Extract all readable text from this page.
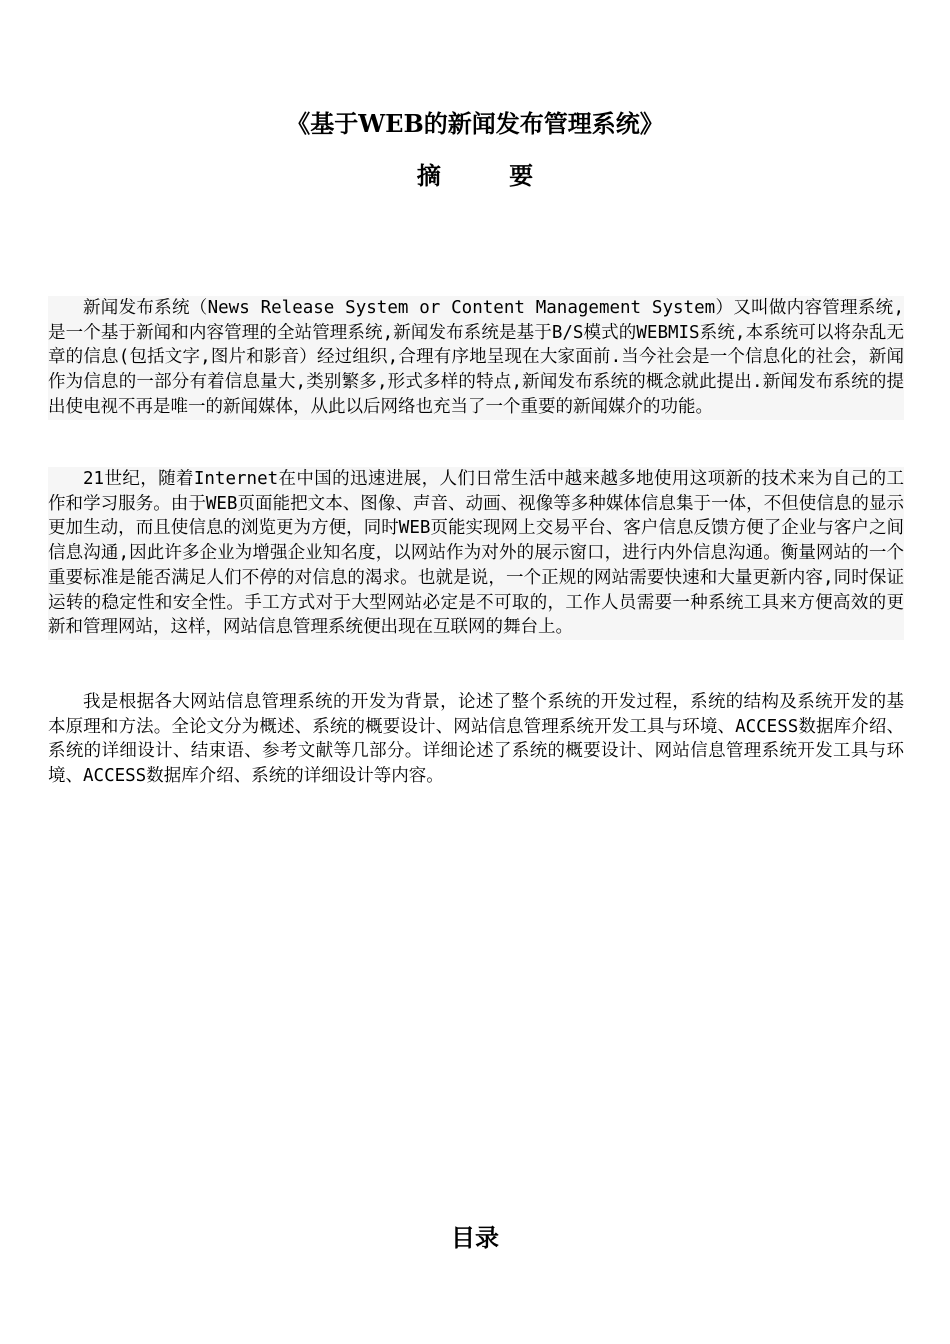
《基于WEB的新闻发布管理系统》
摘 要

新闻发布系统（News Release System or Content Management System）又叫做内容管理系统,是一个基于新闻和内容管理的全站管理系统,新闻发布系统是基于B/S模式的WEBMIS系统,本系统可以将杂乱无章的信息(包括文字,图片和影音）经过组织,合理有序地呈现在大家面前.当今社会是一个信息化的社会，新闻作为信息的一部分有着信息量大,类别繁多,形式多样的特点,新闻发布系统的概念就此提出.新闻发布系统的提出使电视不再是唯一的新闻媒体，从此以后网络也充当了一个重要的新闻媒介的功能。

21世纪，随着Internet在中国的迅速进展，人们日常生活中越来越多地使用这项新的技术来为自己的工作和学习服务。由于WEB页面能把文本、图像、声音、动画、视像等多种媒体信息集于一体，不但使信息的显示更加生动，而且使信息的浏览更为方便，同时WEB页能实现网上交易平台、客户信息反馈方便了企业与客户之间信息沟通,因此许多企业为增强企业知名度，以网站作为对外的展示窗口，进行内外信息沟通。衡量网站的一个重要标准是能否满足人们不停的对信息的渴求。也就是说，一个正规的网站需要快速和大量更新内容,同时保证运转的稳定性和安全性。手工方式对于大型网站必定是不可取的，工作人员需要一种系统工具来方便高效的更新和管理网站，这样，网站信息管理系统便出现在互联网的舞台上。

我是根据各大网站信息管理系统的开发为背景，论述了整个系统的开发过程，系统的结构及系统开发的基本原理和方法。全论文分为概述、系统的概要设计、网站信息管理系统开发工具与环境、ACCESS数据库介绍、系统的详细设计、结束语、参考文献等几部分。详细论述了系统的概要设计、网站信息管理系统开发工具与环境、ACCESS数据库介绍、系统的详细设计等内容。

目录
